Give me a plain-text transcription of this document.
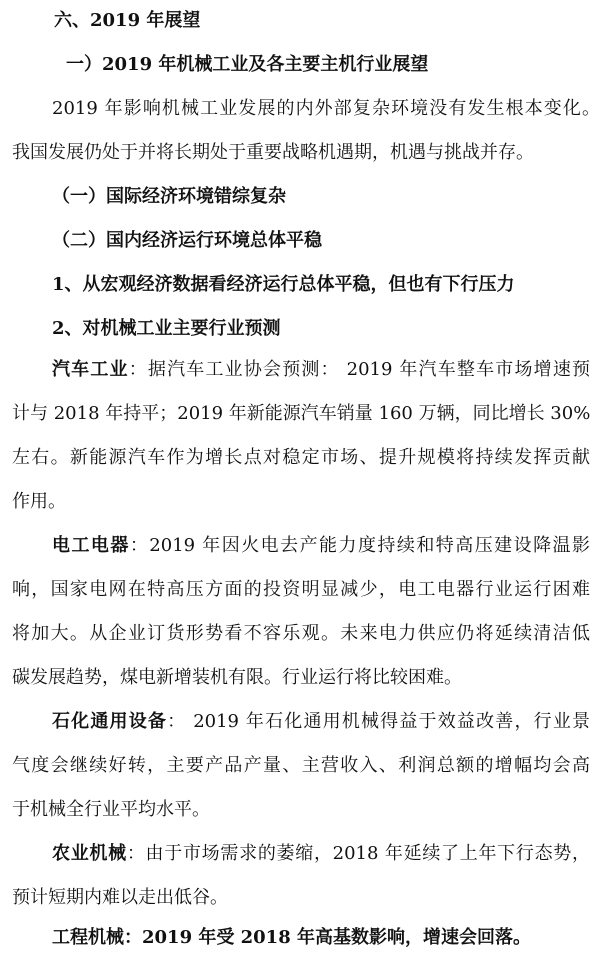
六、2019 年展望
一）2019 年机械工业及各主要主机行业展望
2019 年影响机械工业发展的内外部复杂环境没有发生根本变化。
我国发展仍处于并将长期处于重要战略机遇期，机遇与挑战并存。
（一）国际经济环境错综复杂
（二）国内经济运行环境总体平稳
1、从宏观经济数据看经济运行总体平稳，但也有下行压力
2、对机械工业主要行业预测
汽车工业：据汽车工业协会预测： 2019 年汽车整车市场增速预
计与 2018 年持平；2019 年新能源汽车销量 160 万辆，同比增长 30%
左右。新能源汽车作为增长点对稳定市场、提升规模将持续发挥贡献
作用。
电工电器：2019 年因火电去产能力度持续和特高压建设降温影
响，国家电网在特高压方面的投资明显减少，电工电器行业运行困难
将加大。从企业订货形势看不容乐观。未来电力供应仍将延续清洁低
碳发展趋势，煤电新增装机有限。行业运行将比较困难。
石化通用设备： 2019 年石化通用机械得益于效益改善，行业景
气度会继续好转，主要产品产量、主营收入、利润总额的增幅均会高
于机械全行业平均水平。
农业机械：由于市场需求的萎缩，2018 年延续了上年下行态势，
预计短期内难以走出低谷。
工程机械：2019 年受 2018 年高基数影响，增速会回落。
